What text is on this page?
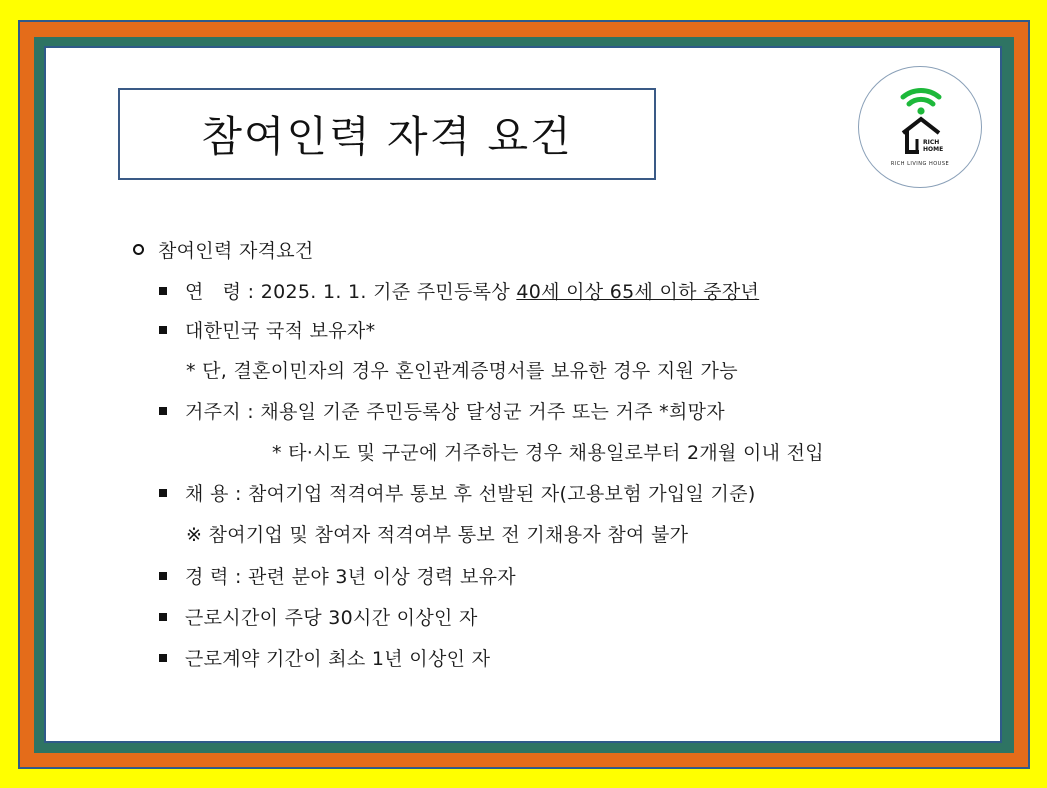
참여인력 자격 요건	RICH
HOME
RICH LIVING HOUSE
참여인력 자격요건
연   령 : 2025. 1. 1. 기준 주민등록상 40세 이상 65세 이하 중장년
대한민국 국적 보유자*
* 단, 결혼이민자의 경우 혼인관계증명서를 보유한 경우 지원 가능
거주지 : 채용일 기준 주민등록상 달성군 거주 또는 거주 *희망자
* 타·시도 및 구군에 거주하는 경우 채용일로부터 2개월 이내 전입
채 용 : 참여기업 적격여부 통보 후 선발된 자(고용보험 가입일 기준)
※ 참여기업 및 참여자 적격여부 통보 전 기채용자 참여 불가
경 력 : 관련 분야 3년 이상 경력 보유자
근로시간이 주당 30시간 이상인 자
근로계약 기간이 최소 1년 이상인 자
